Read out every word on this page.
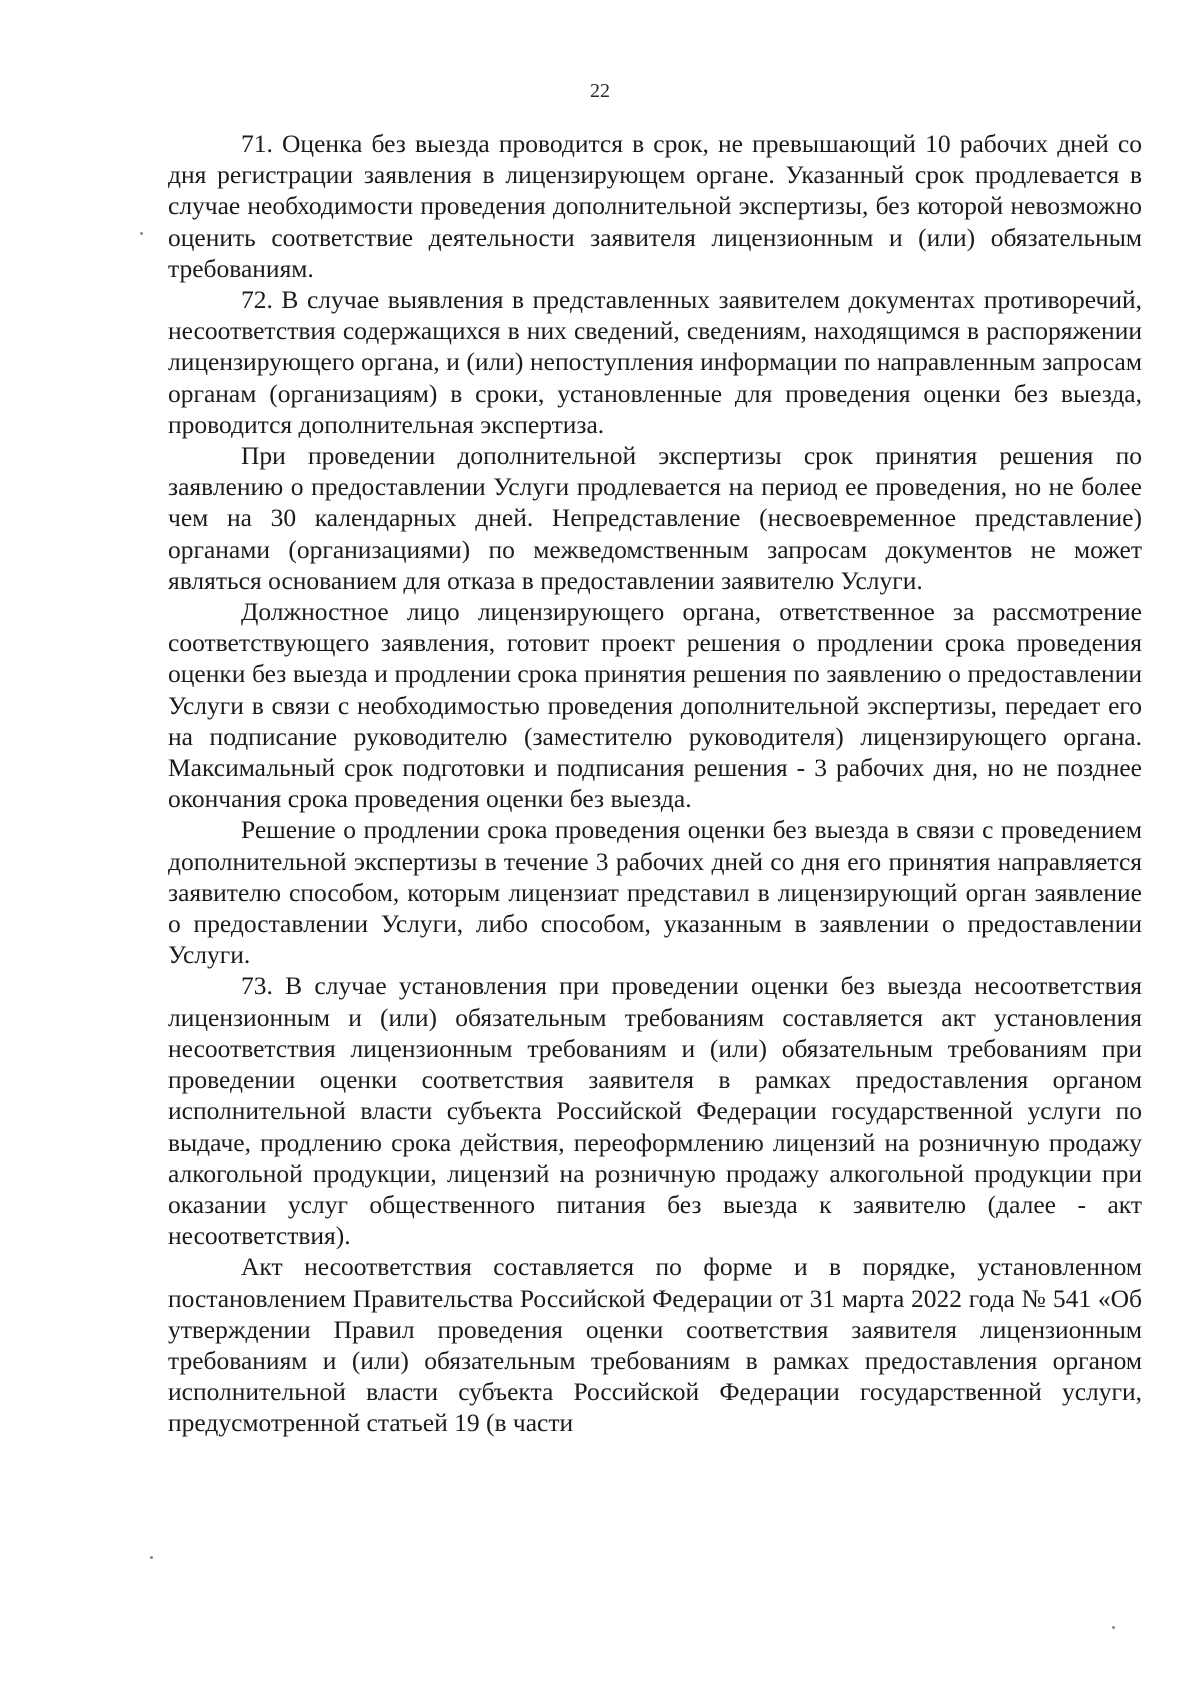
22

71. Оценка без выезда проводится в срок, не превышающий 10 рабочих дней со дня регистрации заявления в лицензирующем органе. Указанный срок продлевается в случае необходимости проведения дополнительной экспертизы, без которой невозможно оценить соответствие деятельности заявителя лицензионным и (или) обязательным требованиям.

72. В случае выявления в представленных заявителем документах противоречий, несоответствия содержащихся в них сведений, сведениям, находящимся в распоряжении лицензирующего органа, и (или) непоступления информации по направленным запросам органам (организациям) в сроки, установленные для проведения оценки без выезда, проводится дополнительная экспертиза.

При проведении дополнительной экспертизы срок принятия решения по заявлению о предоставлении Услуги продлевается на период ее проведения, но не более чем на 30 календарных дней. Непредставление (несвоевременное представление) органами (организациями) по межведомственным запросам документов не может являться основанием для отказа в предоставлении заявителю Услуги.

Должностное лицо лицензирующего органа, ответственное за рассмотрение соответствующего заявления, готовит проект решения о продлении срока проведения оценки без выезда и продлении срока принятия решения по заявлению о предоставлении Услуги в связи с необходимостью проведения дополнительной экспертизы, передает его на подписание руководителю (заместителю руководителя) лицензирующего органа. Максимальный срок подготовки и подписания решения - 3 рабочих дня, но не позднее окончания срока проведения оценки без выезда.

Решение о продлении срока проведения оценки без выезда в связи с проведением дополнительной экспертизы в течение 3 рабочих дней со дня его принятия направляется заявителю способом, которым лицензиат представил в лицензирующий орган заявление о предоставлении Услуги, либо способом, указанным в заявлении о предоставлении Услуги.

73. В случае установления при проведении оценки без выезда несоответствия лицензионным и (или) обязательным требованиям составляется акт установления несоответствия лицензионным требованиям и (или) обязательным требованиям при проведении оценки соответствия заявителя в рамках предоставления органом исполнительной власти субъекта Российской Федерации государственной услуги по выдаче, продлению срока действия, переоформлению лицензий на розничную продажу алкогольной продукции, лицензий на розничную продажу алкогольной продукции при оказании услуг общественного питания без выезда к заявителю (далее - акт несоответствия).

Акт несоответствия составляется по форме и в порядке, установленном постановлением Правительства Российской Федерации от 31 марта 2022 года № 541 «Об утверждении Правил проведения оценки соответствия заявителя лицензионным требованиям и (или) обязательным требованиям в рамках предоставления органом исполнительной власти субъекта Российской Федерации государственной услуги, предусмотренной статьей 19 (в части
